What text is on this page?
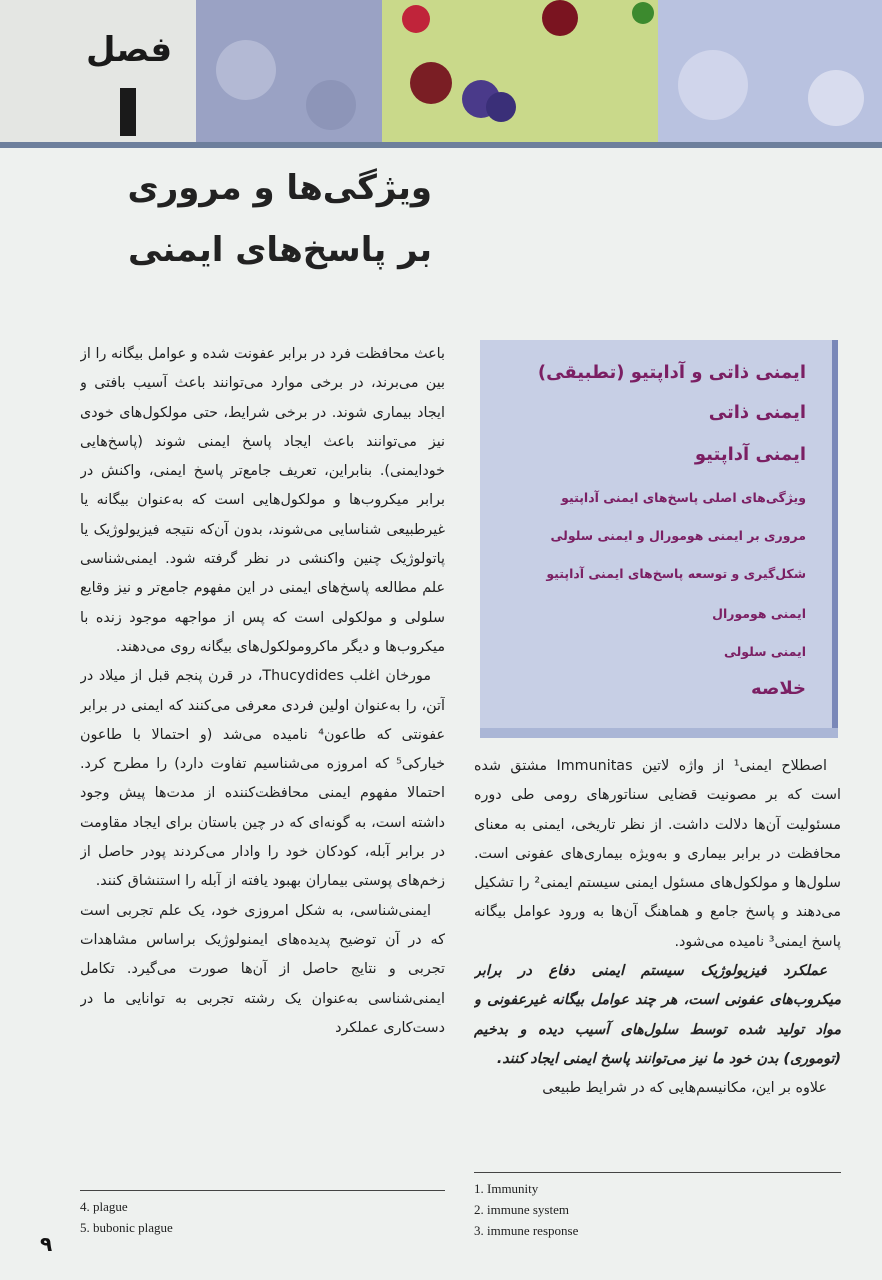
فصل
ویژگی‌ها و مروری
بر پاسخ‌های ایمنی
ایمنی ذاتی و آداپتیو (تطبیقی)
ایمنی ذاتی
ایمنی آداپتیو
ویژگی‌های اصلی پاسخ‌های ایمنی آداپتیو
مروری بر ایمنی هومورال و ایمنی سلولی
شکل‌گیری و توسعه پاسخ‌های ایمنی آداپتیو
ایمنی هومورال
ایمنی سلولی
خلاصه

باعث محافظت فرد در برابر عفونت شده و عوامل بیگانه را از بین می‌برند، در برخی موارد می‌توانند باعث آسیب بافتی و ایجاد بیماری شوند. در برخی شرایط، حتی مولکول‌های خودی نیز می‌توانند باعث ایجاد پاسخ ایمنی شوند (پاسخ‌هایی خودایمنی). بنابراین، تعریف جامع‌تر پاسخ ایمنی، واکنش در برابر میکروب‌ها و مولکول‌هایی است که به‌عنوان بیگانه یا غیرطبیعی شناسایی می‌شوند، بدون آن‌که نتیجه فیزیولوژیک یا پاتولوژیک چنین واکنشی در نظر گرفته شود. ایمنی‌شناسی علم مطالعه پاسخ‌های ایمنی در این مفهوم جامع‌تر و نیز وقایع سلولی و مولکولی است که پس از مواجهه موجود زنده با میکروب‌ها و دیگر ماکرومولکول‌های بیگانه روی می‌دهند.

مورخان اغلب Thucydides، در قرن پنجم قبل از میلاد در آتن، را به‌عنوان اولین فردی معرفی می‌کنند که ایمنی در برابر عفونتی که طاعون⁴ نامیده می‌شد (و احتمالا با طاعون خیارکی⁵ که امروزه می‌شناسیم تفاوت دارد) را مطرح کرد. احتمالا مفهوم ایمنی محافظت‌کننده از مدت‌ها پیش وجود داشته است، به گونه‌ای که در چین باستان برای ایجاد مقاومت در برابر آبله، کودکان خود را وادار می‌کردند پودر حاصل از زخم‌های پوستی بیماران بهبود یافته از آبله را استنشاق کنند.

ایمنی‌شناسی، به شکل امروزی خود، یک علم تجربی است که در آن توضیح پدیده‌های ایمنولوژیک براساس مشاهدات تجربی و نتایج حاصل از آن‌ها صورت می‌گیرد. تکامل ایمنی‌شناسی به‌عنوان یک رشته تجربی به توانایی ما در دست‌کاری عملکرد

اصطلاح ایمنی¹ از واژه لاتین Immunitas مشتق شده است که بر مصونیت قضایی سناتورهای رومی طی دوره مسئولیت آن‌ها دلالت داشت. از نظر تاریخی، ایمنی به معنای محافظت در برابر بیماری و به‌ویژه بیماری‌های عفونی است. سلول‌ها و مولکول‌های مسئول ایمنی سیستم ایمنی² را تشکیل می‌دهند و پاسخ جامع و هماهنگ آن‌ها به ورود عوامل بیگانه پاسخ ایمنی³ نامیده می‌شود.

عملکرد فیزیولوژیک سیستم ایمنی دفاع در برابر میکروب‌های عفونی است، هر چند عوامل بیگانه غیرعفونی و مواد تولید شده توسط سلول‌های آسیب دیده و بدخیم (توموری) بدن خود ما نیز می‌توانند پاسخ ایمنی ایجاد کنند.

علاوه بر این، مکانیسم‌هایی که در شرایط طبیعی

4. plague
5. bubonic plague
1. Immunity
2. immune system
3. immune response
۹
